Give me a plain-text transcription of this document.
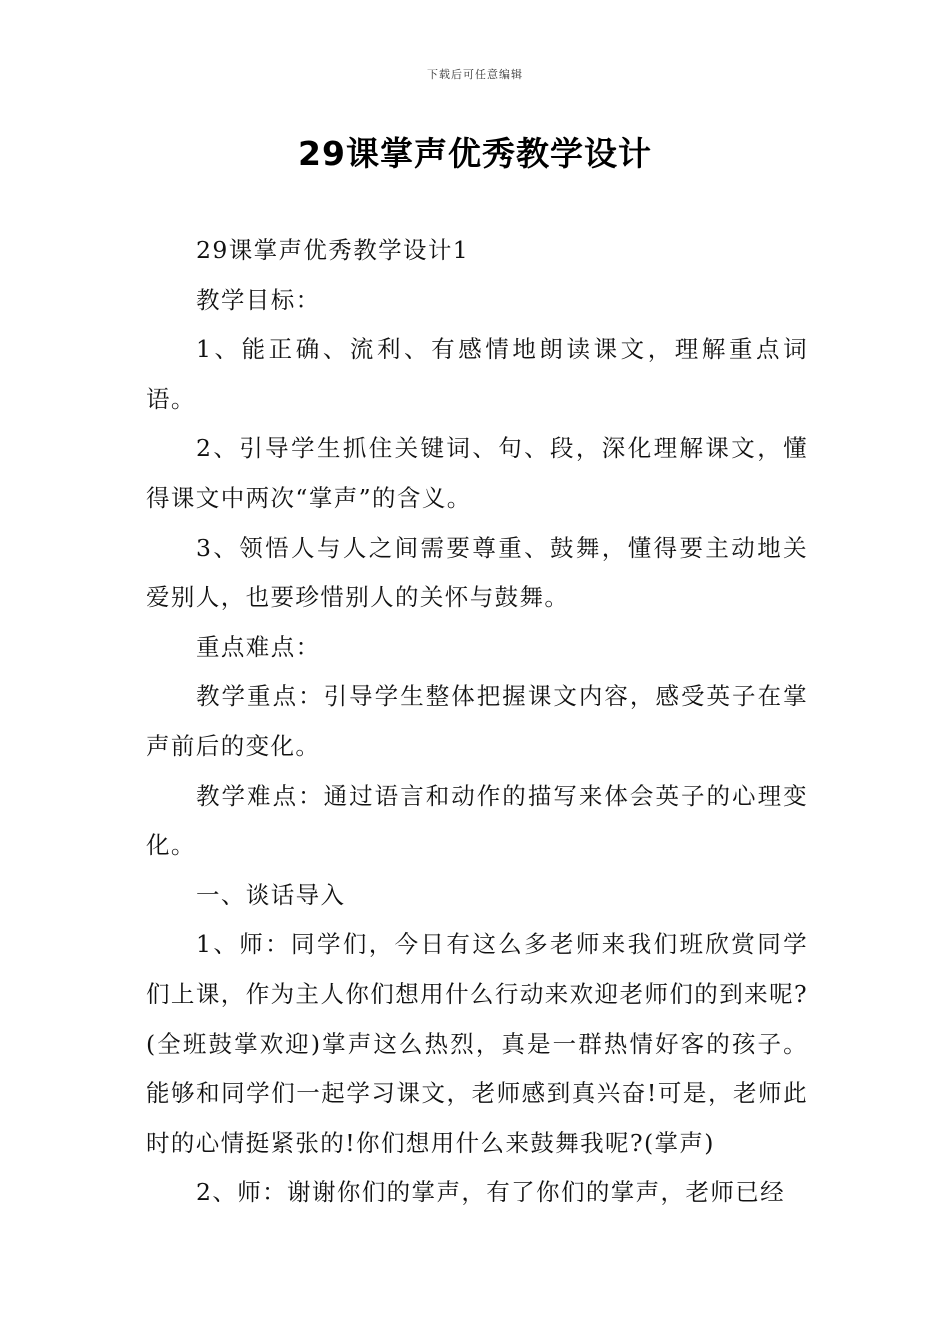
下载后可任意编辑
29课掌声优秀教学设计

29课掌声优秀教学设计1

教学目标：

1、能正确、流利、有感情地朗读课文，理解重点词语。

2、引导学生抓住关键词、句、段，深化理解课文，懂得课文中两次“掌声”的含义。

3、领悟人与人之间需要尊重、鼓舞，懂得要主动地关爱别人，也要珍惜别人的关怀与鼓舞。

重点难点：

教学重点：引导学生整体把握课文内容，感受英子在掌声前后的变化。

教学难点：通过语言和动作的描写来体会英子的心理变化。

一、谈话导入

1、师：同学们，今日有这么多老师来我们班欣赏同学们上课，作为主人你们想用什么行动来欢迎老师们的到来呢?(全班鼓掌欢迎)掌声这么热烈，真是一群热情好客的孩子。能够和同学们一起学习课文，老师感到真兴奋!可是，老师此时的心情挺紧张的!你们想用什么来鼓舞我呢?(掌声)

2、师：谢谢你们的掌声，有了你们的掌声，老师已经
